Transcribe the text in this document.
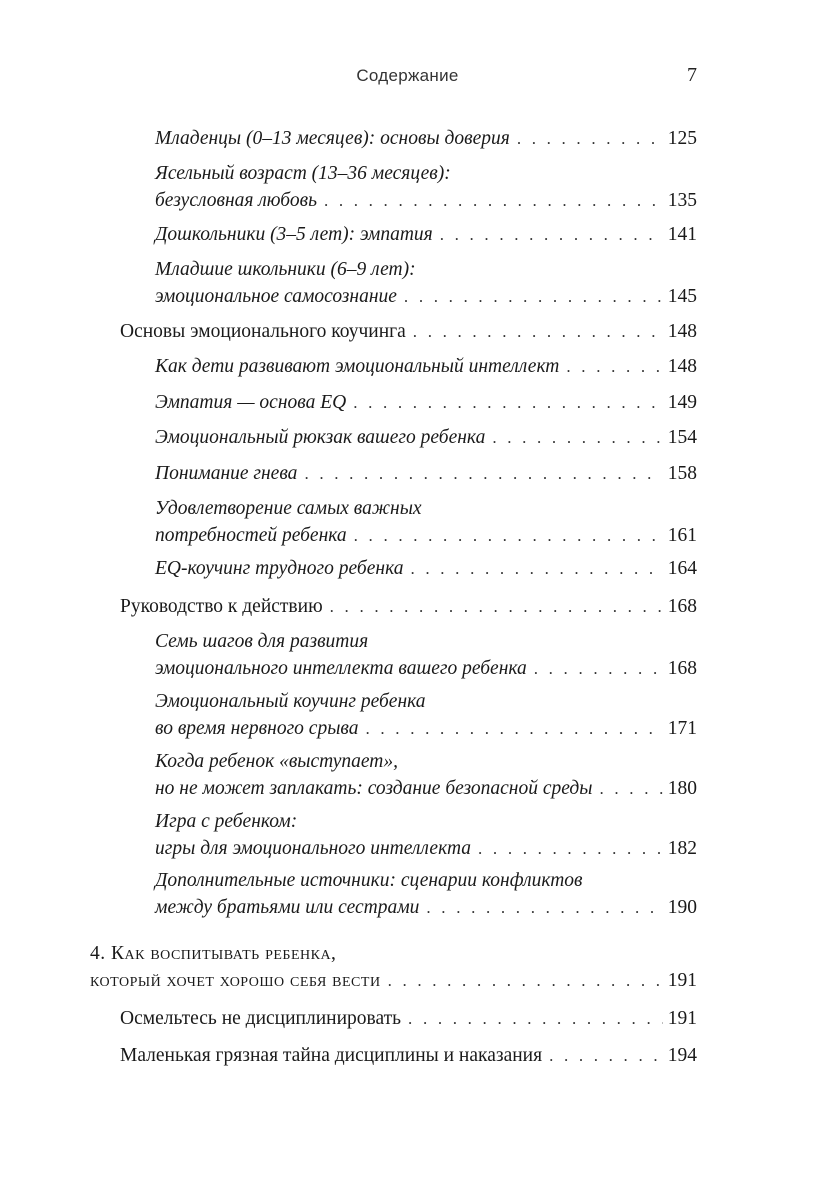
Содержание	7
Младенцы (0–13 месяцев): основы доверия . . .	125
Ясельный возраст (13–36 месяцев):
безусловная любовь . . .	135
Дошкольники (3–5 лет): эмпатия . . .	141
Младшие школьники (6–9 лет):
эмоциональное самосознание . . .	145
Основы эмоционального коучинга . . .	148
Как дети развивают эмоциональный интеллект . . .	148
Эмпатия — основа EQ . . .	149
Эмоциональный рюкзак вашего ребенка . . .	154
Понимание гнева . . .	158
Удовлетворение самых важных
потребностей ребенка . . .	161
EQ-коучинг трудного ребенка . . .	164
Руководство к действию . . .	168
Семь шагов для развития
эмоционального интеллекта вашего ребенка . . .	168
Эмоциональный коучинг ребенка
во время нервного срыва . . .	171
Когда ребенок «выступает»,
но не может заплакать: создание безопасной среды . . .	180
Игра с ребенком:
игры для эмоционального интеллекта . . .	182
Дополнительные источники: сценарии конфликтов
между братьями или сестрами . . .	190
4. Как воспитывать ребенка,
который хочет хорошо себя вести . . .	191
Осмельтесь не дисциплинировать . . .	191
Маленькая грязная тайна дисциплины и наказания . . .	194
